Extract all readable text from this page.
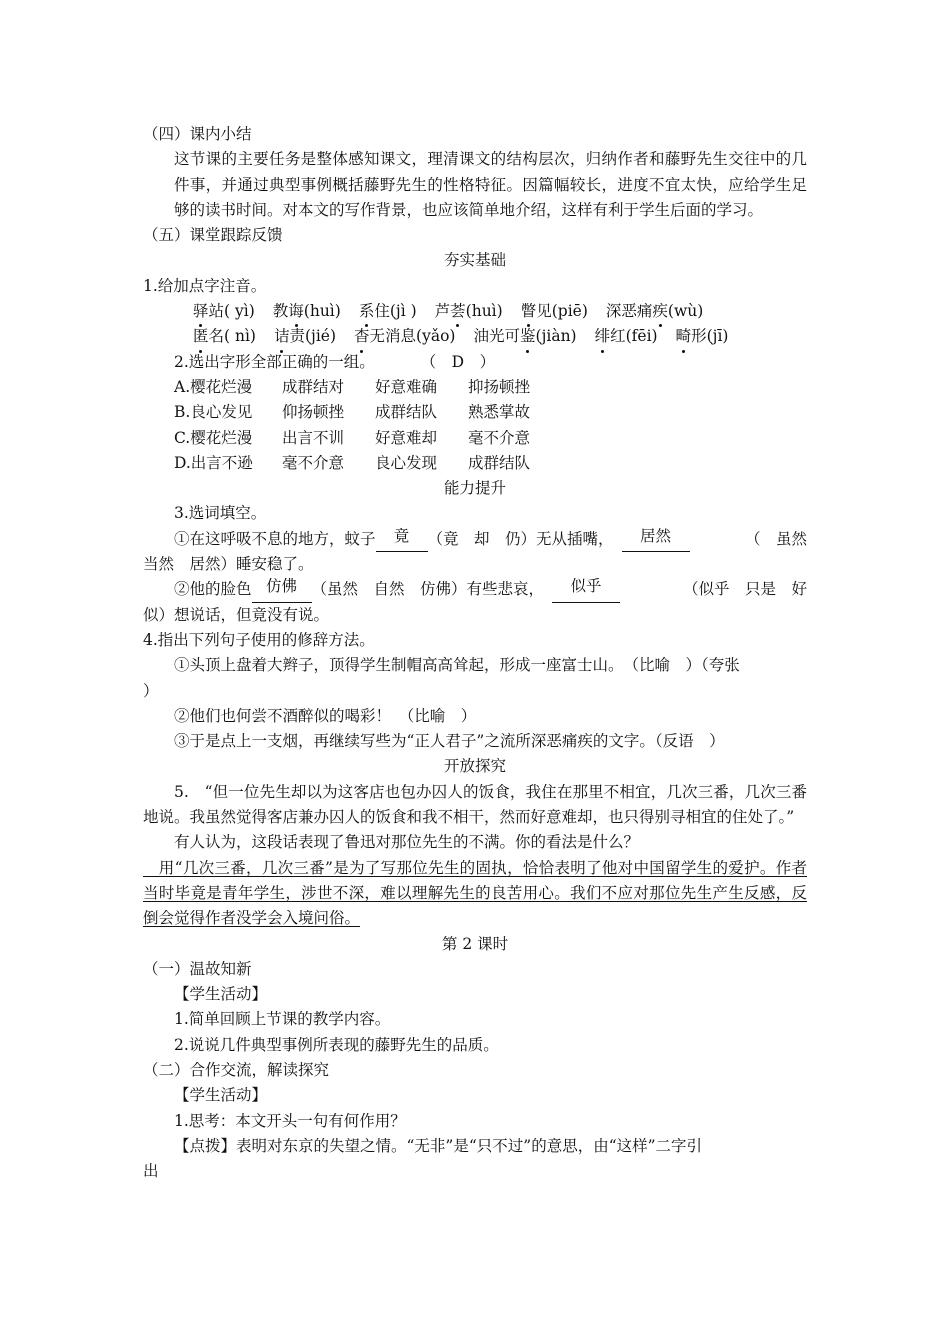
（四）课内小结
这节课的主要任务是整体感知课文，理清课文的结构层次，归纳作者和藤野先生交往中的几件事，并通过典型事例概括藤野先生的性格特征。因篇幅较长，进度不宜太快，应给学生足够的读书时间。对本文的写作背景，也应该简单地介绍，这样有利于学生后面的学习。
（五）课堂跟踪反馈
夯实基础
1.给加点字注音。
驿站( yì) 教诲(huì) 系住(jì ) 芦荟(huì) 瞥见(piē) 深恶痛疾(wù)
匿名( nì) 诘责(jié) 杳无消息(yǎo) 油光可鉴(jiàn) 绯红(fēi) 畸形(jī)
2.选出字形全部正确的一组。	（　D　）
A.樱花烂漫 成群结对 好意难确 抑扬顿挫
B.良心发见 仰扬顿挫 成群结队 熟悉掌故
C.樱花烂漫 出言不训 好意难却 毫不介意
D.出言不逊 毫不介意 良心发现 成群结队
能力提升
3.选词填空。
①在这呼吸不息的地方，蚊子	竟	（竟　却　仍）无从插嘴，	居然	（　虽然
当然　居然）睡安稳了。
②他的脸色 仿佛 （虽然　自然　仿佛）有些悲哀，	似乎	（似乎　只是　好
似）想说话，但竟没有说。
4.指出下列句子使用的修辞方法。
①头顶上盘着大辫子，顶得学生制帽高高耸起，形成一座富士山。　（比喻　）（夸张
）
②他们也何尝不酒醉似的喝彩！　（比喻　）
③于是点上一支烟，再继续写些为“正人君子”之流所深恶痛疾的文字。（反语　）
开放探究
5.　“但一位先生却以为这客店也包办囚人的饭食，我住在那里不相宜，几次三番，几次三番地说。我虽然觉得客店兼办囚人的饭食和我不相干，然而好意难却，也只得别寻相宜的住处了。”
有人认为，这段话表现了鲁迅对那位先生的不满。你的看法是什么？
　用“几次三番，几次三番”是为了写那位先生的固执，恰恰表明了他对中国留学生的爱护。作者当时毕竟是青年学生，涉世不深，难以理解先生的良苦用心。我们不应对那位先生产生反感，反倒会觉得作者没学会入境问俗。
第 2 课时
（一）温故知新
【学生活动】
1.简单回顾上节课的教学内容。
2.说说几件典型事例所表现的藤野先生的品质。
（二）合作交流，解读探究
【学生活动】
1.思考：本文开头一句有何作用？
【点拨】表明对东京的失望之情。“无非”是“只不过”的意思，由“这样”二字引
出
